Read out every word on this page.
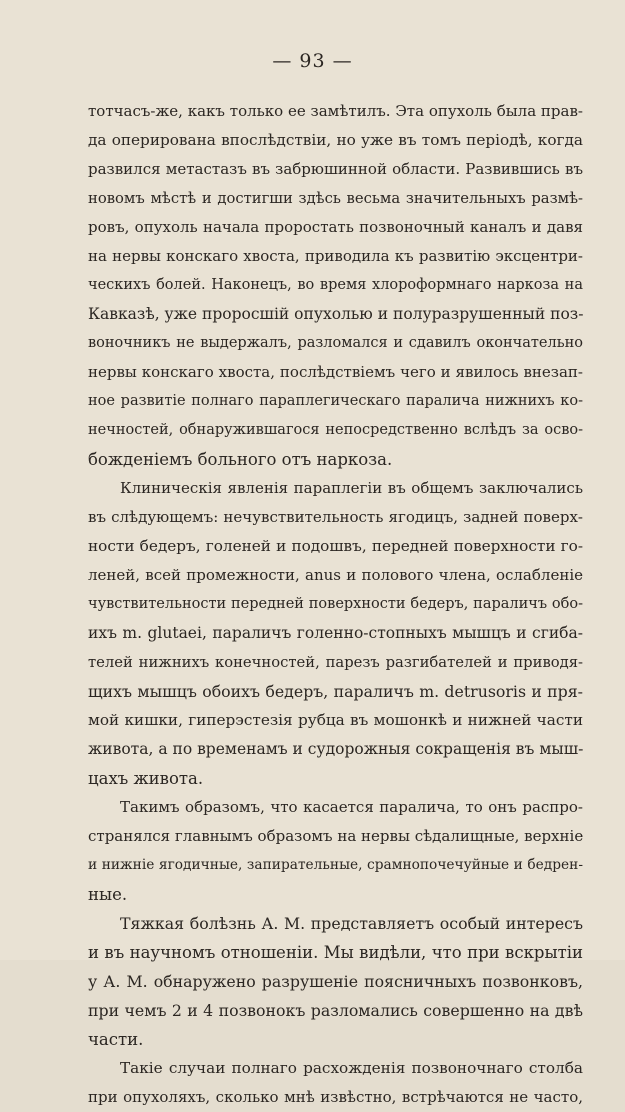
— 93 —
тотчасъ-же, какъ только ее замѣтилъ. Эта опухоль была прав-
да оперирована впослѣдствіи, но уже въ томъ періодѣ, когда
развился метастазъ въ забрюшинной области. Развившись въ
новомъ мѣстѣ и достигши здѣсь весьма значительныхъ размѣ-
ровъ, опухоль начала проростать позвоночный каналъ и давя
на нервы конскаго хвоста, приводила къ развитію эксцентри-
ческихъ болей. Наконецъ, во время хлороформнаго наркоза на
Кавказѣ, уже проросшій опухолью и полуразрушенный поз-
воночникъ не выдержалъ, разломался и сдавилъ окончательно
нервы конскаго хвоста, послѣдствіемъ чего и явилось внезап-
ное развитіе полнаго параплегическаго паралича нижнихъ ко-
нечностей, обнаружившагося непосредственно вслѣдъ за осво-
божденіемъ больного отъ наркоза.
Клиническія явленія параплегіи въ общемъ заключались
въ слѣдующемъ: нечувствительность ягодицъ, задней поверх-
ности бедеръ, голеней и подошвъ, передней поверхности го-
леней, всей промежности, anus и полового члена, ослабленіе
чувствительности передней поверхности бедеръ, параличъ обо-
ихъ m. glutaei, параличъ голенно-стопныхъ мышцъ и сгиба-
телей нижнихъ конечностей, парезъ разгибателей и приводя-
щихъ мышцъ обоихъ бедеръ, параличъ m. detrusoris и пря-
мой кишки, гиперэстезія рубца въ мошонкѣ и нижней части
живота, а по временамъ и судорожныя сокращенія въ мыш-
цахъ живота.
Такимъ образомъ, что касается паралича, то онъ распро-
странялся главнымъ образомъ на нервы сѣдалищные, верхніе
и нижніе ягодичные, запирательные, срамнопочечуйные и бедрен-
ные.
Тяжкая болѣзнь А. М. представляетъ особый интересъ
и въ научномъ отношеніи. Мы видѣли, что при вскрытіи
у А. М. обнаружено разрушеніе поясничныхъ позвонковъ,
при чемъ 2 и 4 позвонокъ разломались совершенно на двѣ
части.
Такіе случаи полнаго расхожденія позвоночнаго столба
при опухоляхъ, сколько мнѣ извѣстно, встрѣчаются не часто,
